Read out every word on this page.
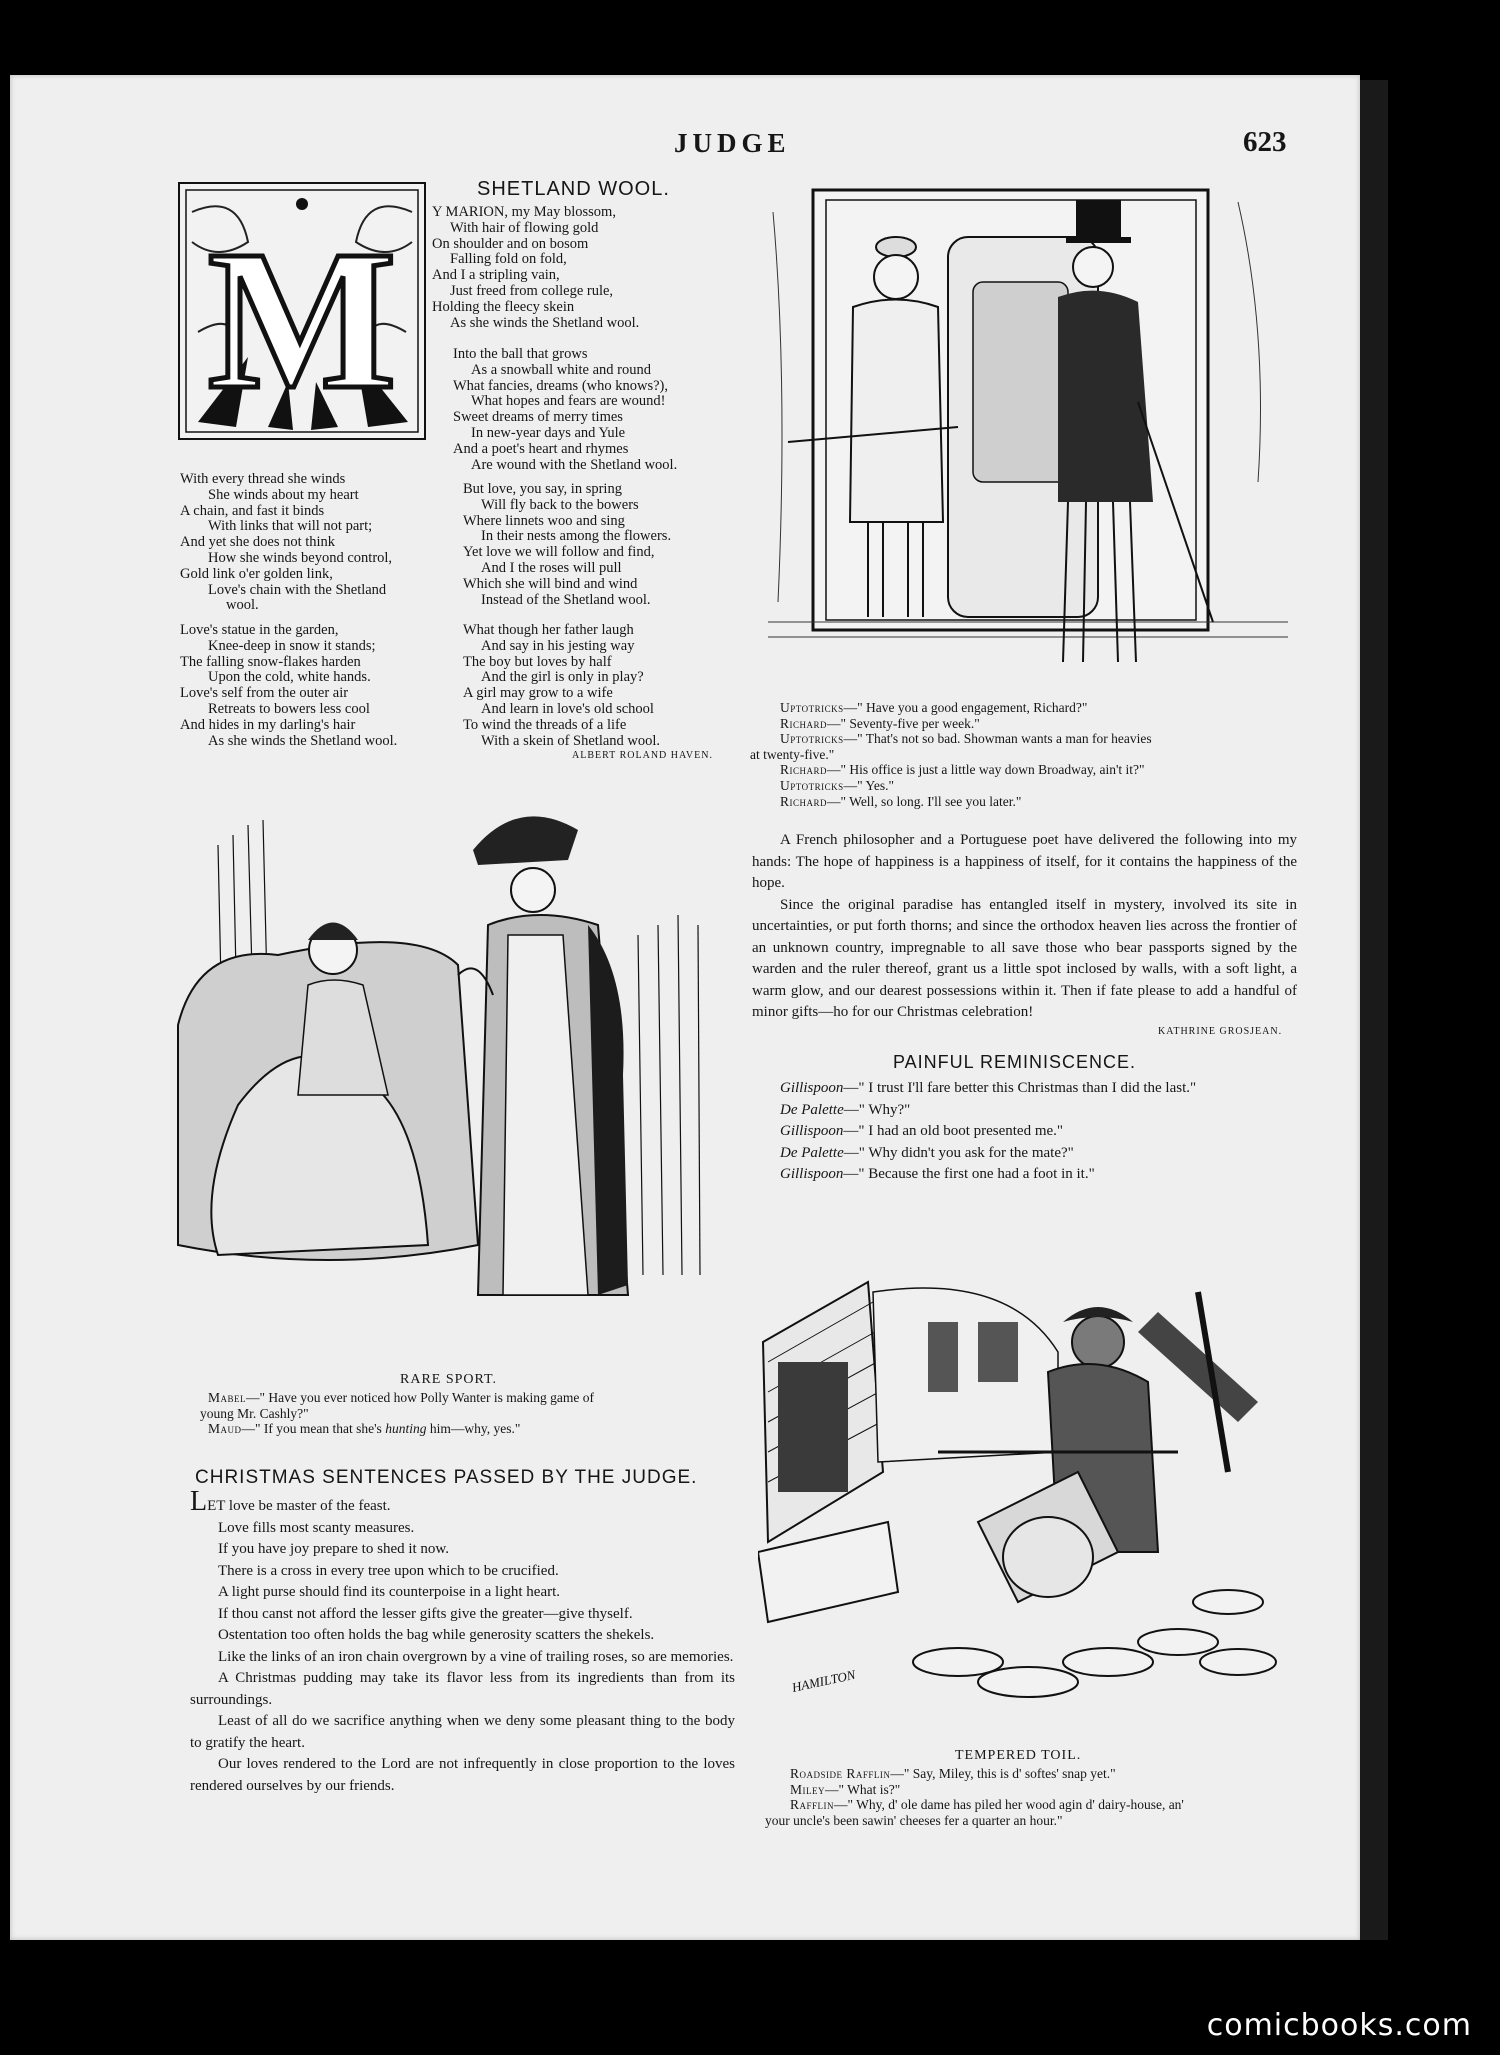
JUDGE	623
M
SHETLAND WOOL.
Y MARION, my May blossom,
With hair of flowing gold
On shoulder and on bosom
Falling fold on fold,
And I a stripling vain,
Just freed from college rule,
Holding the fleecy skein
As she winds the Shetland wool.
Into the ball that grows
As a snowball white and round
What fancies, dreams (who knows?),
What hopes and fears are wound!
Sweet dreams of merry times
In new-year days and Yule
And a poet's heart and rhymes
Are wound with the Shetland wool.
But love, you say, in spring
Will fly back to the bowers
Where linnets woo and sing
In their nests among the flowers.
Yet love we will follow and find,
And I the roses will pull
Which she will bind and wind
Instead of the Shetland wool.
What though her father laugh
And say in his jesting way
The boy but loves by half
And the girl is only in play?
A girl may grow to a wife
And learn in love's old school
To wind the threads of a life
With a skein of Shetland wool.
ALBERT ROLAND HAVEN.
With every thread she winds
She winds about my heart
A chain, and fast it binds
With links that will not part;
And yet she does not think
How she winds beyond control,
Gold link o'er golden link,
Love's chain with the Shetland
wool.
Love's statue in the garden,
Knee-deep in snow it stands;
The falling snow-flakes harden
Upon the cold, white hands.
Love's self from the outer air
Retreats to bowers less cool
And hides in my darling's hair
As she winds the Shetland wool.
RARE SPORT.
Mabel—" Have you ever noticed how Polly Wanter is making game of
young Mr. Cashly?"
Maud—" If you mean that she's hunting him—why, yes."
CHRISTMAS SENTENCES PASSED BY THE JUDGE.

LET love be master of the feast.

Love fills most scanty measures.

If you have joy prepare to shed it now.

There is a cross in every tree upon which to be crucified.

A light purse should find its counterpoise in a light heart.

If thou canst not afford the lesser gifts give the greater—give thyself.

Ostentation too often holds the bag while generosity scatters the shekels.

Like the links of an iron chain overgrown by a vine of trailing roses, so are memories.

A Christmas pudding may take its flavor less from its ingredients than from its surroundings.

Least of all do we sacrifice anything when we deny some pleasant thing to the body to gratify the heart.

Our loves rendered to the Lord are not infrequently in close proportion to the loves rendered ourselves by our friends.

Uptotricks—" Have you a good engagement, Richard?"
Richard—" Seventy-five per week."
Uptotricks—" That's not so bad. Showman wants a man for heavies
at twenty-five."
Richard—" His office is just a little way down Broadway, ain't it?"
Uptotricks—" Yes."
Richard—" Well, so long. I'll see you later."

A French philosopher and a Portuguese poet have delivered the following into my hands: The hope of happiness is a happiness of itself, for it contains the happiness of the hope.

Since the original paradise has entangled itself in mystery, involved its site in uncertainties, or put forth thorns; and since the orthodox heaven lies across the frontier of an unknown country, impregnable to all save those who bear passports signed by the warden and the ruler thereof, grant us a little spot inclosed by walls, with a soft light, a warm glow, and our dearest possessions within it. Then if fate please to add a handful of minor gifts—ho for our Christmas celebration!

KATHRINE GROSJEAN.
PAINFUL REMINISCENCE.

Gillispoon—" I trust I'll fare better this Christmas than I did the last."

De Palette—" Why?"

Gillispoon—" I had an old boot presented me."

De Palette—" Why didn't you ask for the mate?"

Gillispoon—" Because the first one had a foot in it."

HAMILTON
TEMPERED TOIL.
Roadside Rafflin—" Say, Miley, this is d' softes' snap yet."
Miley—" What is?"
Rafflin—" Why, d' ole dame has piled her wood agin d' dairy-house, an'
your uncle's been sawin' cheeses fer a quarter an hour."
comicbooks.com
